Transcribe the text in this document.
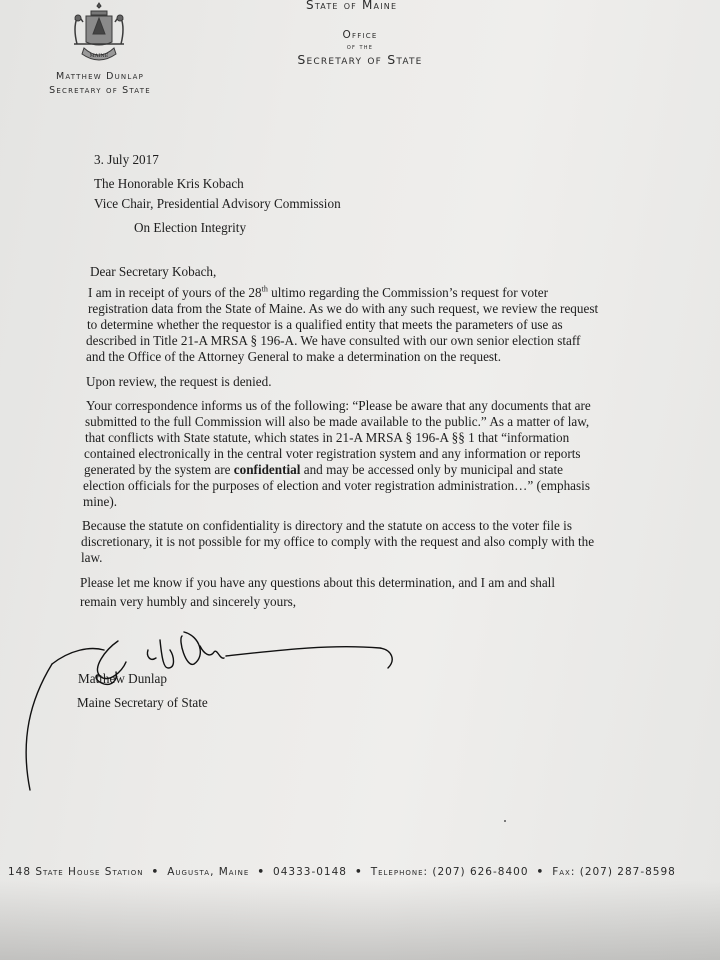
MAINE
Matthew Dunlap
Secretary of State
State of Maine
Office
of the
Secretary of State
3. July 2017
The Honorable Kris Kobach
Vice Chair, Presidential Advisory Commission
On Election Integrity
Dear Secretary Kobach,
I am in receipt of yours of the 28th ultimo regarding the Commission’s request for voter
registration data from the State of Maine. As we do with any such request, we review the request
to determine whether the requestor is a qualified entity that meets the parameters of use as
described in Title 21-A MRSA § 196-A. We have consulted with our own senior election staff
and the Office of the Attorney General to make a determination on the request.
Upon review, the request is denied.
Your correspondence informs us of the following: “Please be aware that any documents that are
submitted to the full Commission will also be made available to the public.” As a matter of law,
that conflicts with State statute, which states in 21-A MRSA § 196-A §§ 1 that “information
contained electronically in the central voter registration system and any information or reports
generated by the system are confidential and may be accessed only by municipal and state
election officials for the purposes of election and voter registration administration…” (emphasis
mine).
Because the statute on confidentiality is directory and the statute on access to the voter file is
discretionary, it is not possible for my office to comply with the request and also comply with the
law.
Please let me know if you have any questions about this determination, and I am and shall
remain very humbly and sincerely yours,
Matthew Dunlap
Maine Secretary of State
148 State House Station • Augusta, Maine • 04333-0148 • Telephone: (207) 626-8400 • Fax: (207) 287-8598
